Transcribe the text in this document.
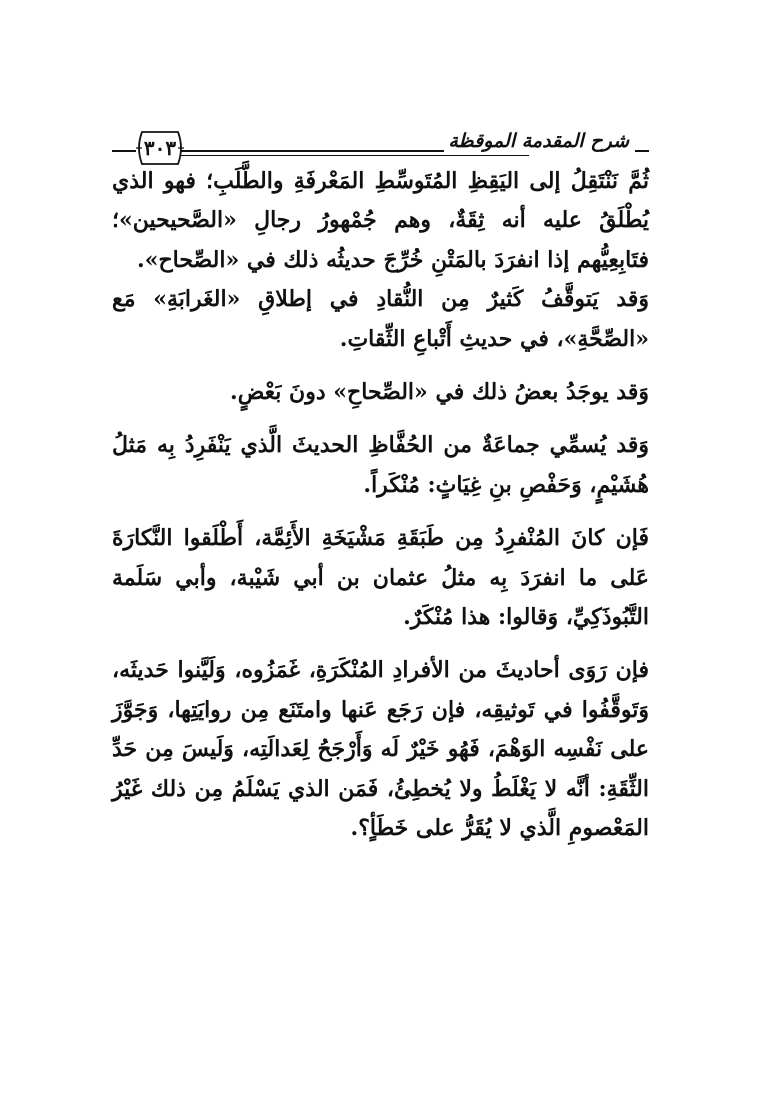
٣٠٣	شرح المقدمة الموقظة

ثُمَّ نَنْتَقِلُ إلى اليَقِظِ المُتَوسِّطِ المَعْرفَةِ والطَّلَبِ؛ فهو الذي يُطْلَقُ عليه أنه ثِقَةٌ، وهم جُمْهورُ رجالِ «الصَّحيحين»؛ فتَابِعِيُّهم إذا انفرَدَ بالمَتْنِ خُرِّجَ حديثُه ذلك في «الصِّحاح».

وَقد يَتوقَّفُ كَثيرٌ مِن النُّقادِ في إطلاقِ «الغَرابَةِ» مَع «الصِّحَّةِ»، في حديثِ أَتْباعِ الثِّقاتِ.

وَقد يوجَدُ بعضُ ذلك في «الصِّحاحِ» دونَ بَعْضٍ.

وَقد يُسمِّي جماعَةٌ من الحُفَّاظِ الحديثَ الَّذي يَنْفَرِدُ بِه مَثلُ هُشَيْمٍ، وَحَفْصِ بنِ غِيَاثٍ: مُنْكَراً.

فَإن كانَ المُنْفرِدُ مِن طَبَقَةِ مَشْيَخَةِ الأَئِمَّة، أَطْلَقوا النَّكارَةَ عَلى ما انفرَدَ بِه مثلُ عثمان بن أبي شَيْبة، وأبي سَلَمة التَّبُوذَكِيِّ، وَقالوا: هذا مُنْكَرٌ.

فإن رَوَى أحاديثَ من الأفرادِ المُنْكَرَةِ، غَمَزُوه، وَلَيَّنوا حَديثَه، وَتَوقَّفُوا في تَوثيقِه، فإن رَجَع عَنها وامتَنَع مِن روايَتِها، وَجَوَّزَ على نَفْسِه الوَهْمَ، فَهُو خَيْرٌ لَه وَأَرْجَحُ لِعَدالَتِه، وَلَيسَ مِن حَدِّ الثِّقَةِ: أنَّه لا يَغْلَطُ ولا يُخطِئُ، فَمَن الذي يَسْلَمُ مِن ذلك غَيْرُ المَعْصومِ الَّذي لا يُقَرُّ على خَطَأٍ؟.
